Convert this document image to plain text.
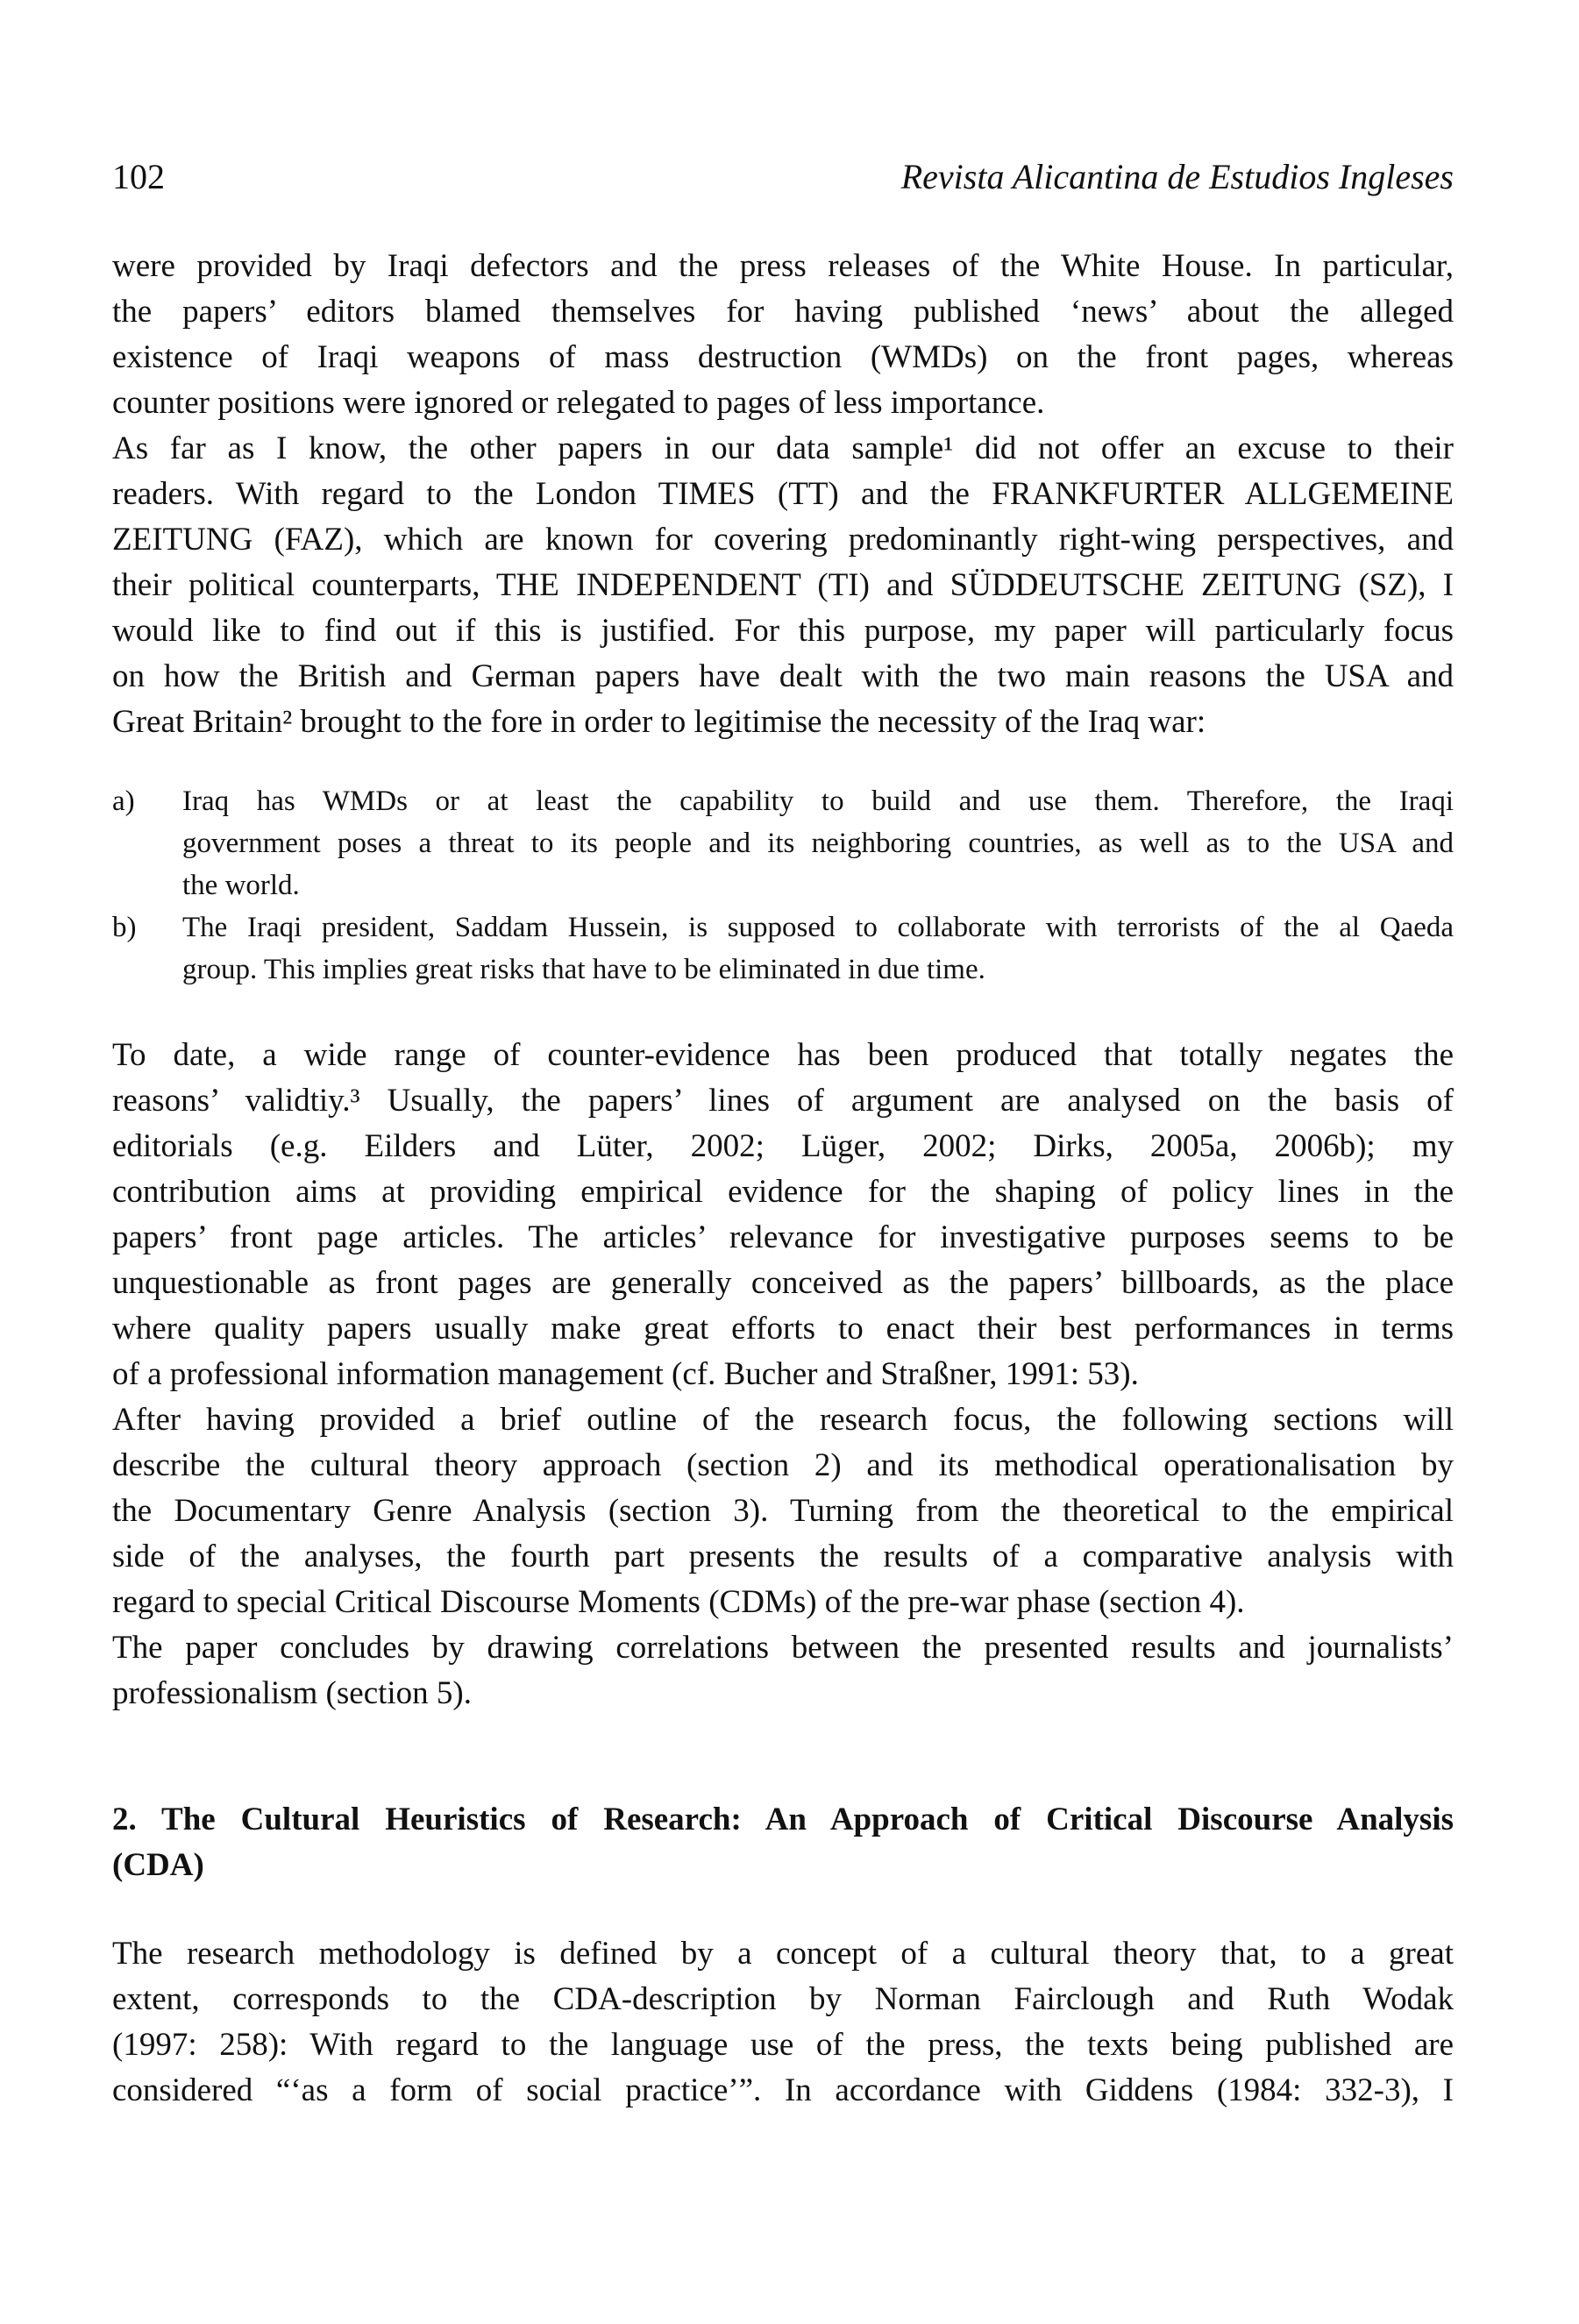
102	Revista Alicantina de Estudios Ingleses
were provided by Iraqi defectors and the press releases of the White House. In particular,
the papers’ editors blamed themselves for having published ‘news’ about the alleged
existence of Iraqi weapons of mass destruction (WMDs) on the front pages, whereas
counter positions were ignored or relegated to pages of less importance.
As far as I know, the other papers in our data sample¹ did not offer an excuse to their
readers. With regard to the London TIMES (TT) and the FRANKFURTER ALLGEMEINE
ZEITUNG (FAZ), which are known for covering predominantly right-wing perspectives, and
their political counterparts, THE INDEPENDENT (TI) and SÜDDEUTSCHE ZEITUNG (SZ), I
would like to find out if this is justified. For this purpose, my paper will particularly focus
on how the British and German papers have dealt with the two main reasons the USA and
Great Britain² brought to the fore in order to legitimise the necessity of the Iraq war:
a) Iraq has WMDs or at least the capability to build and use them. Therefore, the Iraqi
government poses a threat to its people and its neighboring countries, as well as to the USA and
the world.
b) The Iraqi president, Saddam Hussein, is supposed to collaborate with terrorists of the al Qaeda
group. This implies great risks that have to be eliminated in due time.
To date, a wide range of counter-evidence has been produced that totally negates the
reasons’ validtiy.³ Usually, the papers’ lines of argument are analysed on the basis of
editorials (e.g. Eilders and Lüter, 2002; Lüger, 2002; Dirks, 2005a, 2006b); my
contribution aims at providing empirical evidence for the shaping of policy lines in the
papers’ front page articles. The articles’ relevance for investigative purposes seems to be
unquestionable as front pages are generally conceived as the papers’ billboards, as the place
where quality papers usually make great efforts to enact their best performances in terms
of a professional information management (cf. Bucher and Straßner, 1991: 53).
After having provided a brief outline of the research focus, the following sections will
describe the cultural theory approach (section 2) and its methodical operationalisation by
the Documentary Genre Analysis (section 3). Turning from the theoretical to the empirical
side of the analyses, the fourth part presents the results of a comparative analysis with
regard to special Critical Discourse Moments (CDMs) of the pre-war phase (section 4).
The paper concludes by drawing correlations between the presented results and journalists’
professionalism (section 5).
2. The Cultural Heuristics of Research: An Approach of Critical Discourse Analysis
(CDA)
The research methodology is defined by a concept of a cultural theory that, to a great
extent, corresponds to the CDA-description by Norman Fairclough and Ruth Wodak
(1997: 258): With regard to the language use of the press, the texts being published are
considered “‘as a form of social practice’”. In accordance with Giddens (1984: 332-3), I
